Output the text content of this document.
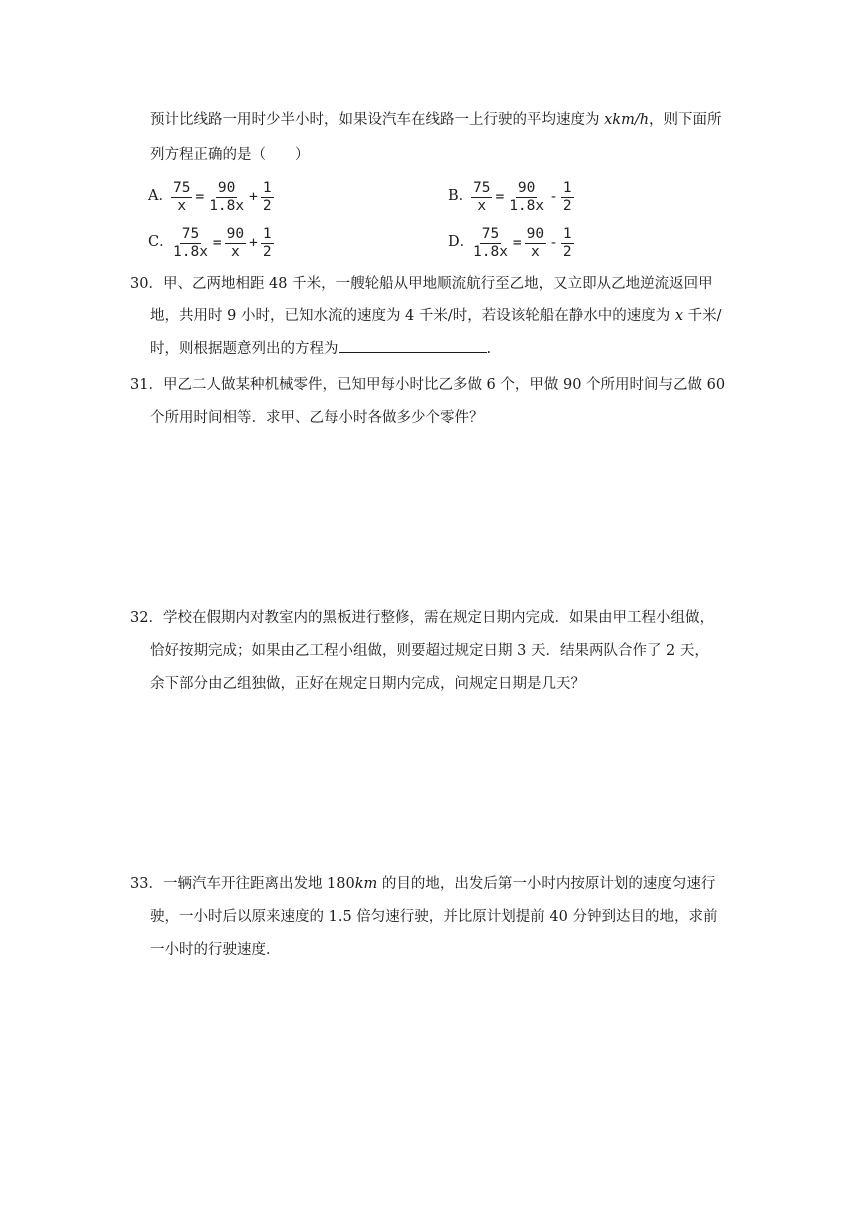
预计比线路一用时少半小时，如果设汽车在线路一上行驶的平均速度为 xkm/h，则下面所
列方程正确的是（　　）
A．
$\frac{75}{x} = \frac{90}{1.8x} + \frac{1}{2}$	B．
$\frac{75}{x} = \frac{90}{1.8x} - \frac{1}{2}$
C．
$\frac{75}{1.8x} = \frac{90}{x} + \frac{1}{2}$	D．
$\frac{75}{1.8x} = \frac{90}{x} - \frac{1}{2}$
30．甲、乙两地相距 48 千米，一艘轮船从甲地顺流航行至乙地，又立即从乙地逆流返回甲
地，共用时 9 小时，已知水流的速度为 4 千米/时，若设该轮船在静水中的速度为 x 千米/
时，则根据题意列出的方程为	.
31．甲乙二人做某种机械零件，已知甲每小时比乙多做 6 个，甲做 90 个所用时间与乙做 60
个所用时间相等．求甲、乙每小时各做多少个零件？
32．学校在假期内对教室内的黑板进行整修，需在规定日期内完成．如果由甲工程小组做，
恰好按期完成；如果由乙工程小组做，则要超过规定日期 3 天．结果两队合作了 2 天，
余下部分由乙组独做，正好在规定日期内完成，问规定日期是几天？
33．一辆汽车开往距离出发地 180km 的目的地，出发后第一小时内按原计划的速度匀速行
驶，一小时后以原来速度的 1.5 倍匀速行驶，并比原计划提前 40 分钟到达目的地，求前
一小时的行驶速度．
